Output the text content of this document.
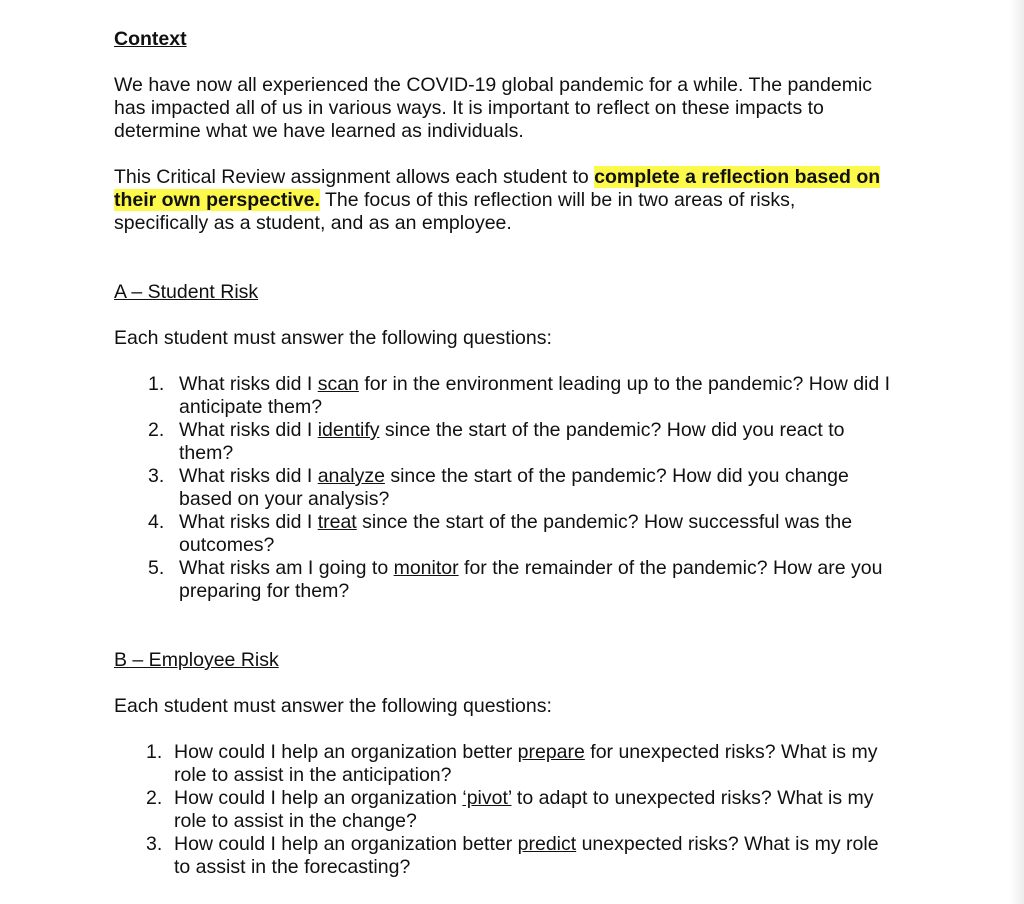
Context

We have now all experienced the COVID-19 global pandemic for a while. The pandemic has impacted all of us in various ways. It is important to reflect on these impacts to determine what we have learned as individuals.

This Critical Review assignment allows each student to complete a reflection based on their own perspective. The focus of this reflection will be in two areas of risks, specifically as a student, and as an employee.

A – Student Risk

Each student must answer the following questions:

1. What risks did I scan for in the environment leading up to the pandemic? How did I anticipate them?
2. What risks did I identify since the start of the pandemic? How did you react to them?
3. What risks did I analyze since the start of the pandemic? How did you change based on your analysis?
4. What risks did I treat since the start of the pandemic? How successful was the outcomes?
5. What risks am I going to monitor for the remainder of the pandemic? How are you preparing for them?

B – Employee Risk

Each student must answer the following questions:

1. How could I help an organization better prepare for unexpected risks? What is my role to assist in the anticipation?
2. How could I help an organization ‘pivot’ to adapt to unexpected risks? What is my role to assist in the change?
3. How could I help an organization better predict unexpected risks? What is my role to assist in the forecasting?
